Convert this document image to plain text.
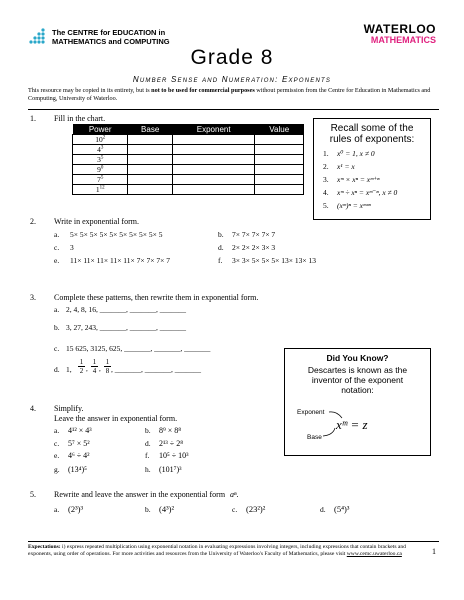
The CENTRE for EDUCATION in
MATHEMATICS and COMPUTING
WATERLOO
MATHEMATICS
Grade 8
Number Sense and Numeration: Exponents
This resource may be copied in its entirety, but is not to be used for commercial purposes without permission from the Centre for Education in Mathematics and Computing, University of Waterloo.
1. Fill in the chart.
Power	Base	Exponent	Value
$10^2$			
$4^3$			
$3^5$			
$9^0$			
$7^5$			
$1^{12}$			
Recall some of the
rules of exponents:
1. x⁰ = 1, x ≠ 0
2. x¹ = x
3. xᵐ × xⁿ = xᵐ⁺ⁿ
4. xᵐ ÷ xⁿ = xᵐ⁻ⁿ, x ≠ 0
5. (xᵐ)ⁿ = xᵐˣⁿ
2. Write in exponential form.
a. 5× 5× 5× 5× 5× 5× 5× 5× 5× 5	b. 7× 7× 7× 7× 7
c. 3	d. 2× 2× 2× 3× 3
e. 11× 11× 11× 11× 11× 7× 7× 7× 7	f. 3× 3× 5× 5× 5× 13× 13× 13
3. Complete these patterns, then rewrite them in exponential form.
a. 2, 4, 8, 16, _______, _______, _______
b. 3, 27, 243, _______, _______, _______
c. 15 625, 3125, 625, _______, _______, _______
d. 1, $\frac{1}{2}$ , $\frac{1}{4}$ , $\frac{1}{8}$ , _______, _______, _______
Did You Know?
Descartes is known as the
inventor of the exponent
notation:
Exponent
Base
xᵐ = z
4. Simplify.
Leave the answer in exponential form.
a. 4¹² × 4³	b. 8⁹ × 8⁸
c. 5⁷ × 5²	d. 2¹³ ÷ 2⁸
e. 4⁶ ÷ 4²	f. 10⁵ ÷ 10³
g. (13⁴)⁵	h. (101⁷)³
5. Rewrite and leave the answer in the exponential form aⁿ.
a. (2³)³	b. (4³)²	c. (23²)²	d. (5⁴)³
Expectations: i) express repeated multiplication using exponential notation in evaluating expressions involving integers, including expressions that contain brackets and exponents, using order of operations. For more activities and resources from the University of Waterloo's Faculty of Mathematics, please visit www.cemc.uwaterloo.ca	1
